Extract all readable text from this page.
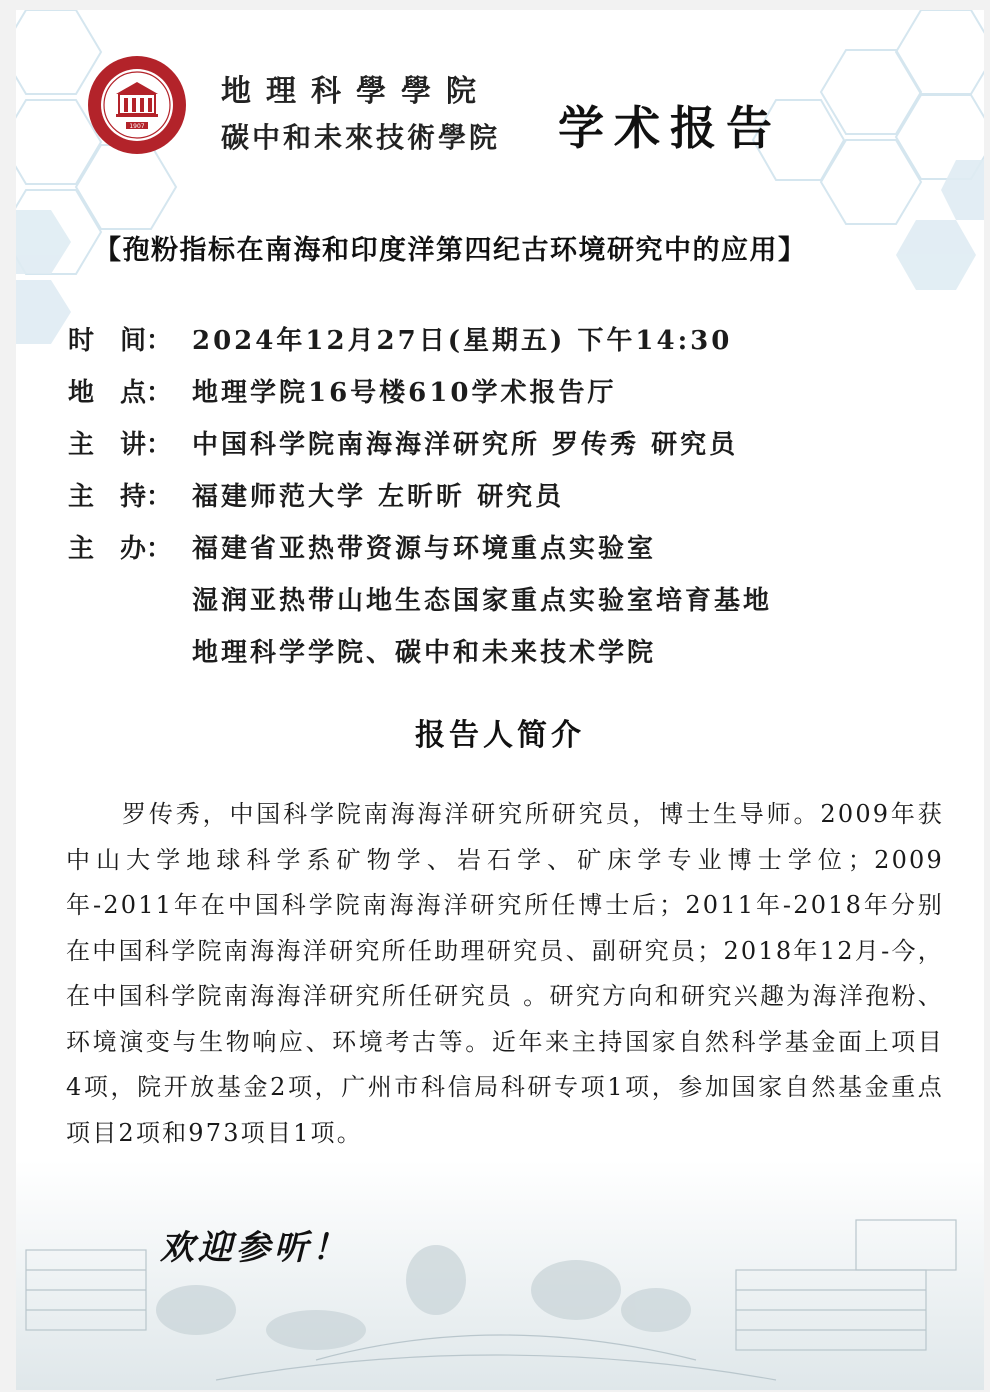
1907
地理科學學院
碳中和未來技術學院 学术报告
【孢粉指标在南海和印度洋第四纪古环境研究中的应用】
时　间： 2024年12月27日(星期五) 下午14:30
地　点： 地理学院16号楼610学术报告厅
主　讲： 中国科学院南海海洋研究所 罗传秀 研究员
主　持： 福建师范大学 左昕昕 研究员
主　办： 福建省亚热带资源与环境重点实验室
湿润亚热带山地生态国家重点实验室培育基地
地理科学学院、碳中和未来技术学院
报告人简介
罗传秀，中国科学院南海海洋研究所研究员，博士生导师。2009年获中山大学地球科学系矿物学、岩石学、矿床学专业博士学位；2009年-2011年在中国科学院南海海洋研究所任博士后；2011年-2018年分别在中国科学院南海海洋研究所任助理研究员、副研究员；2018年12月-今，在中国科学院南海海洋研究所任研究员 。研究方向和研究兴趣为海洋孢粉、环境演变与生物响应、环境考古等。近年来主持国家自然科学基金面上项目4项，院开放基金2项，广州市科信局科研专项1项，参加国家自然基金重点项目2项和973项目1项。
欢迎参听！
